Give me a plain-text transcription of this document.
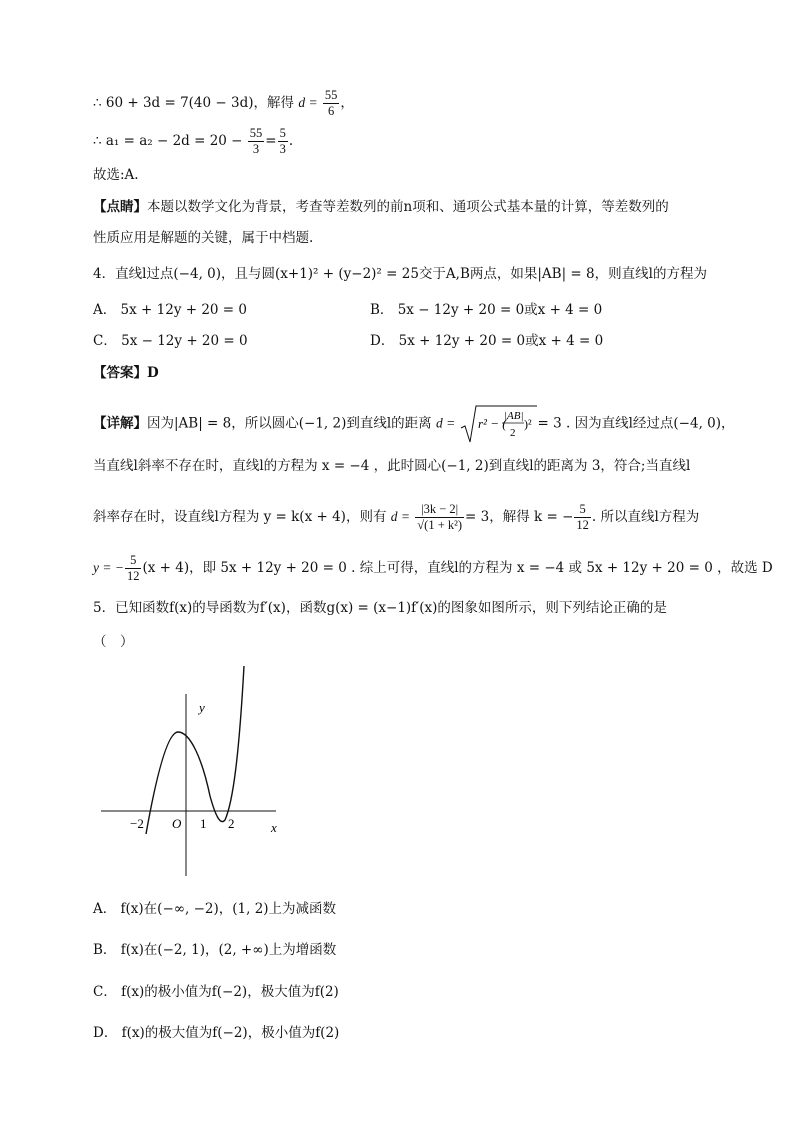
∴ 60 + 3d = 7(40 − 3d)，解得 $d = \frac{55}{6}$ ，
∴ $a_1 = a_2 - 2d = 20 - \frac{55}{3} = \frac{5}{3}$ .
故选:A.
【点睛】本题以数学文化为背景，考查等差数列的前n项和、通项公式基本量的计算，等差数列的
性质应用是解题的关键，属于中档题.
4．直线l过点(−4, 0)，且与圆(x+1)² + (y−2)² = 25交于A,B两点，如果|AB| = 8，则直线l的方程为
A． 5x + 12y + 20 = 0	B． 5x − 12y + 20 = 0或x + 4 = 0
C． 5x − 12y + 20 = 0	D． 5x + 12y + 20 = 0或x + 4 = 0
【答案】D
【详解】因为|AB| = 8，所以圆心(−1, 2)到直线l的距离 d = r² − (
|AB|
2
)² = 3 . 因为直线l经过点(−4, 0)，
当直线l斜率不存在时，直线l的方程为 x = −4 ，此时圆心(−1, 2)到直线l的距离为 3，符合;当直线l
斜率存在时，设直线l方程为 y = k(x + 4)，则有 $d = \frac{|3k - 2|}{\text{√(1 + k²)}} = 3$，解得 k = − $\frac{5}{12}$ . 所以直线l方程为
y = − $\frac{5}{12} (x + 4)$，即 5x + 12y + 20 = 0 . 综上可得，直线l的方程为 x = −4 或 5x + 12y + 20 = 0 ，故选 D
5．已知函数f(x)的导函数为f′(x)，函数g(x) = (x−1)f′(x)的图象如图所示，则下列结论正确的是
（　）
y
x
O
−2	1 2
A． f(x)在(−∞, −2)，(1, 2)上为减函数
B． f(x)在(−2, 1)，(2, +∞)上为增函数
C． f(x)的极小值为f(−2)，极大值为f(2)
D． f(x)的极大值为f(−2)，极小值为f(2)
